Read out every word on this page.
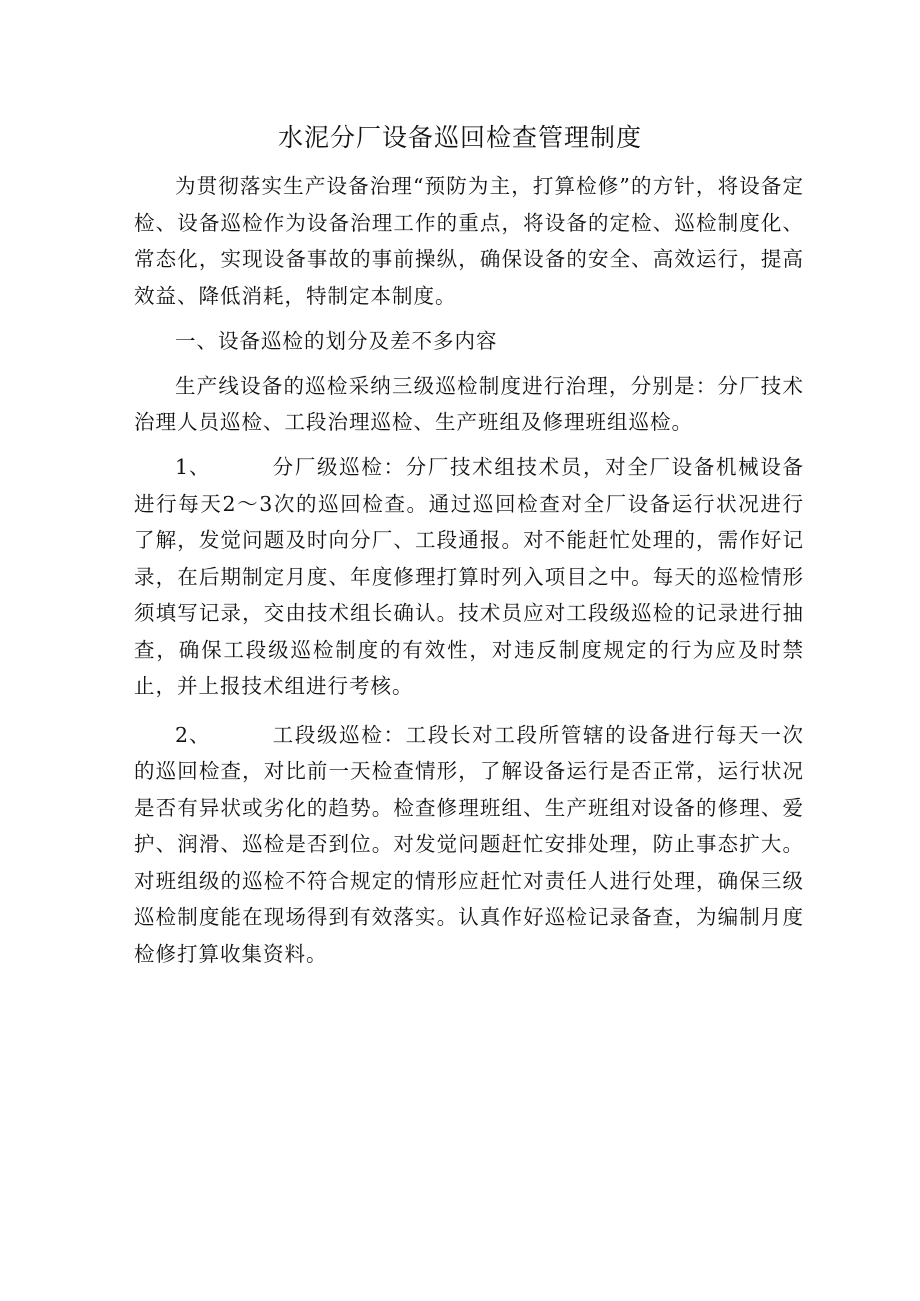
水泥分厂设备巡回检查管理制度

为贯彻落实生产设备治理“预防为主，打算检修”的方针，将设备定检、设备巡检作为设备治理工作的重点，将设备的定检、巡检制度化、常态化，实现设备事故的事前操纵，确保设备的安全、高效运行，提高效益、降低消耗，特制定本制度。

一、设备巡检的划分及差不多内容

生产线设备的巡检采纳三级巡检制度进行治理，分别是：分厂技术治理人员巡检、工段治理巡检、生产班组及修理班组巡检。

1、	分厂级巡检：分厂技术组技术员，对全厂设备机械设备进行每天2～3次的巡回检查。通过巡回检查对全厂设备运行状况进行了解，发觉问题及时向分厂、工段通报。对不能赶忙处理的，需作好记录，在后期制定月度、年度修理打算时列入项目之中。每天的巡检情形须填写记录，交由技术组长确认。技术员应对工段级巡检的记录进行抽查，确保工段级巡检制度的有效性，对违反制度规定的行为应及时禁止，并上报技术组进行考核。

2、	工段级巡检：工段长对工段所管辖的设备进行每天一次的巡回检查，对比前一天检查情形，了解设备运行是否正常，运行状况是否有异状或劣化的趋势。检查修理班组、生产班组对设备的修理、爱护、润滑、巡检是否到位。对发觉问题赶忙安排处理，防止事态扩大。对班组级的巡检不符合规定的情形应赶忙对责任人进行处理，确保三级巡检制度能在现场得到有效落实。认真作好巡检记录备查，为编制月度检修打算收集资料。
